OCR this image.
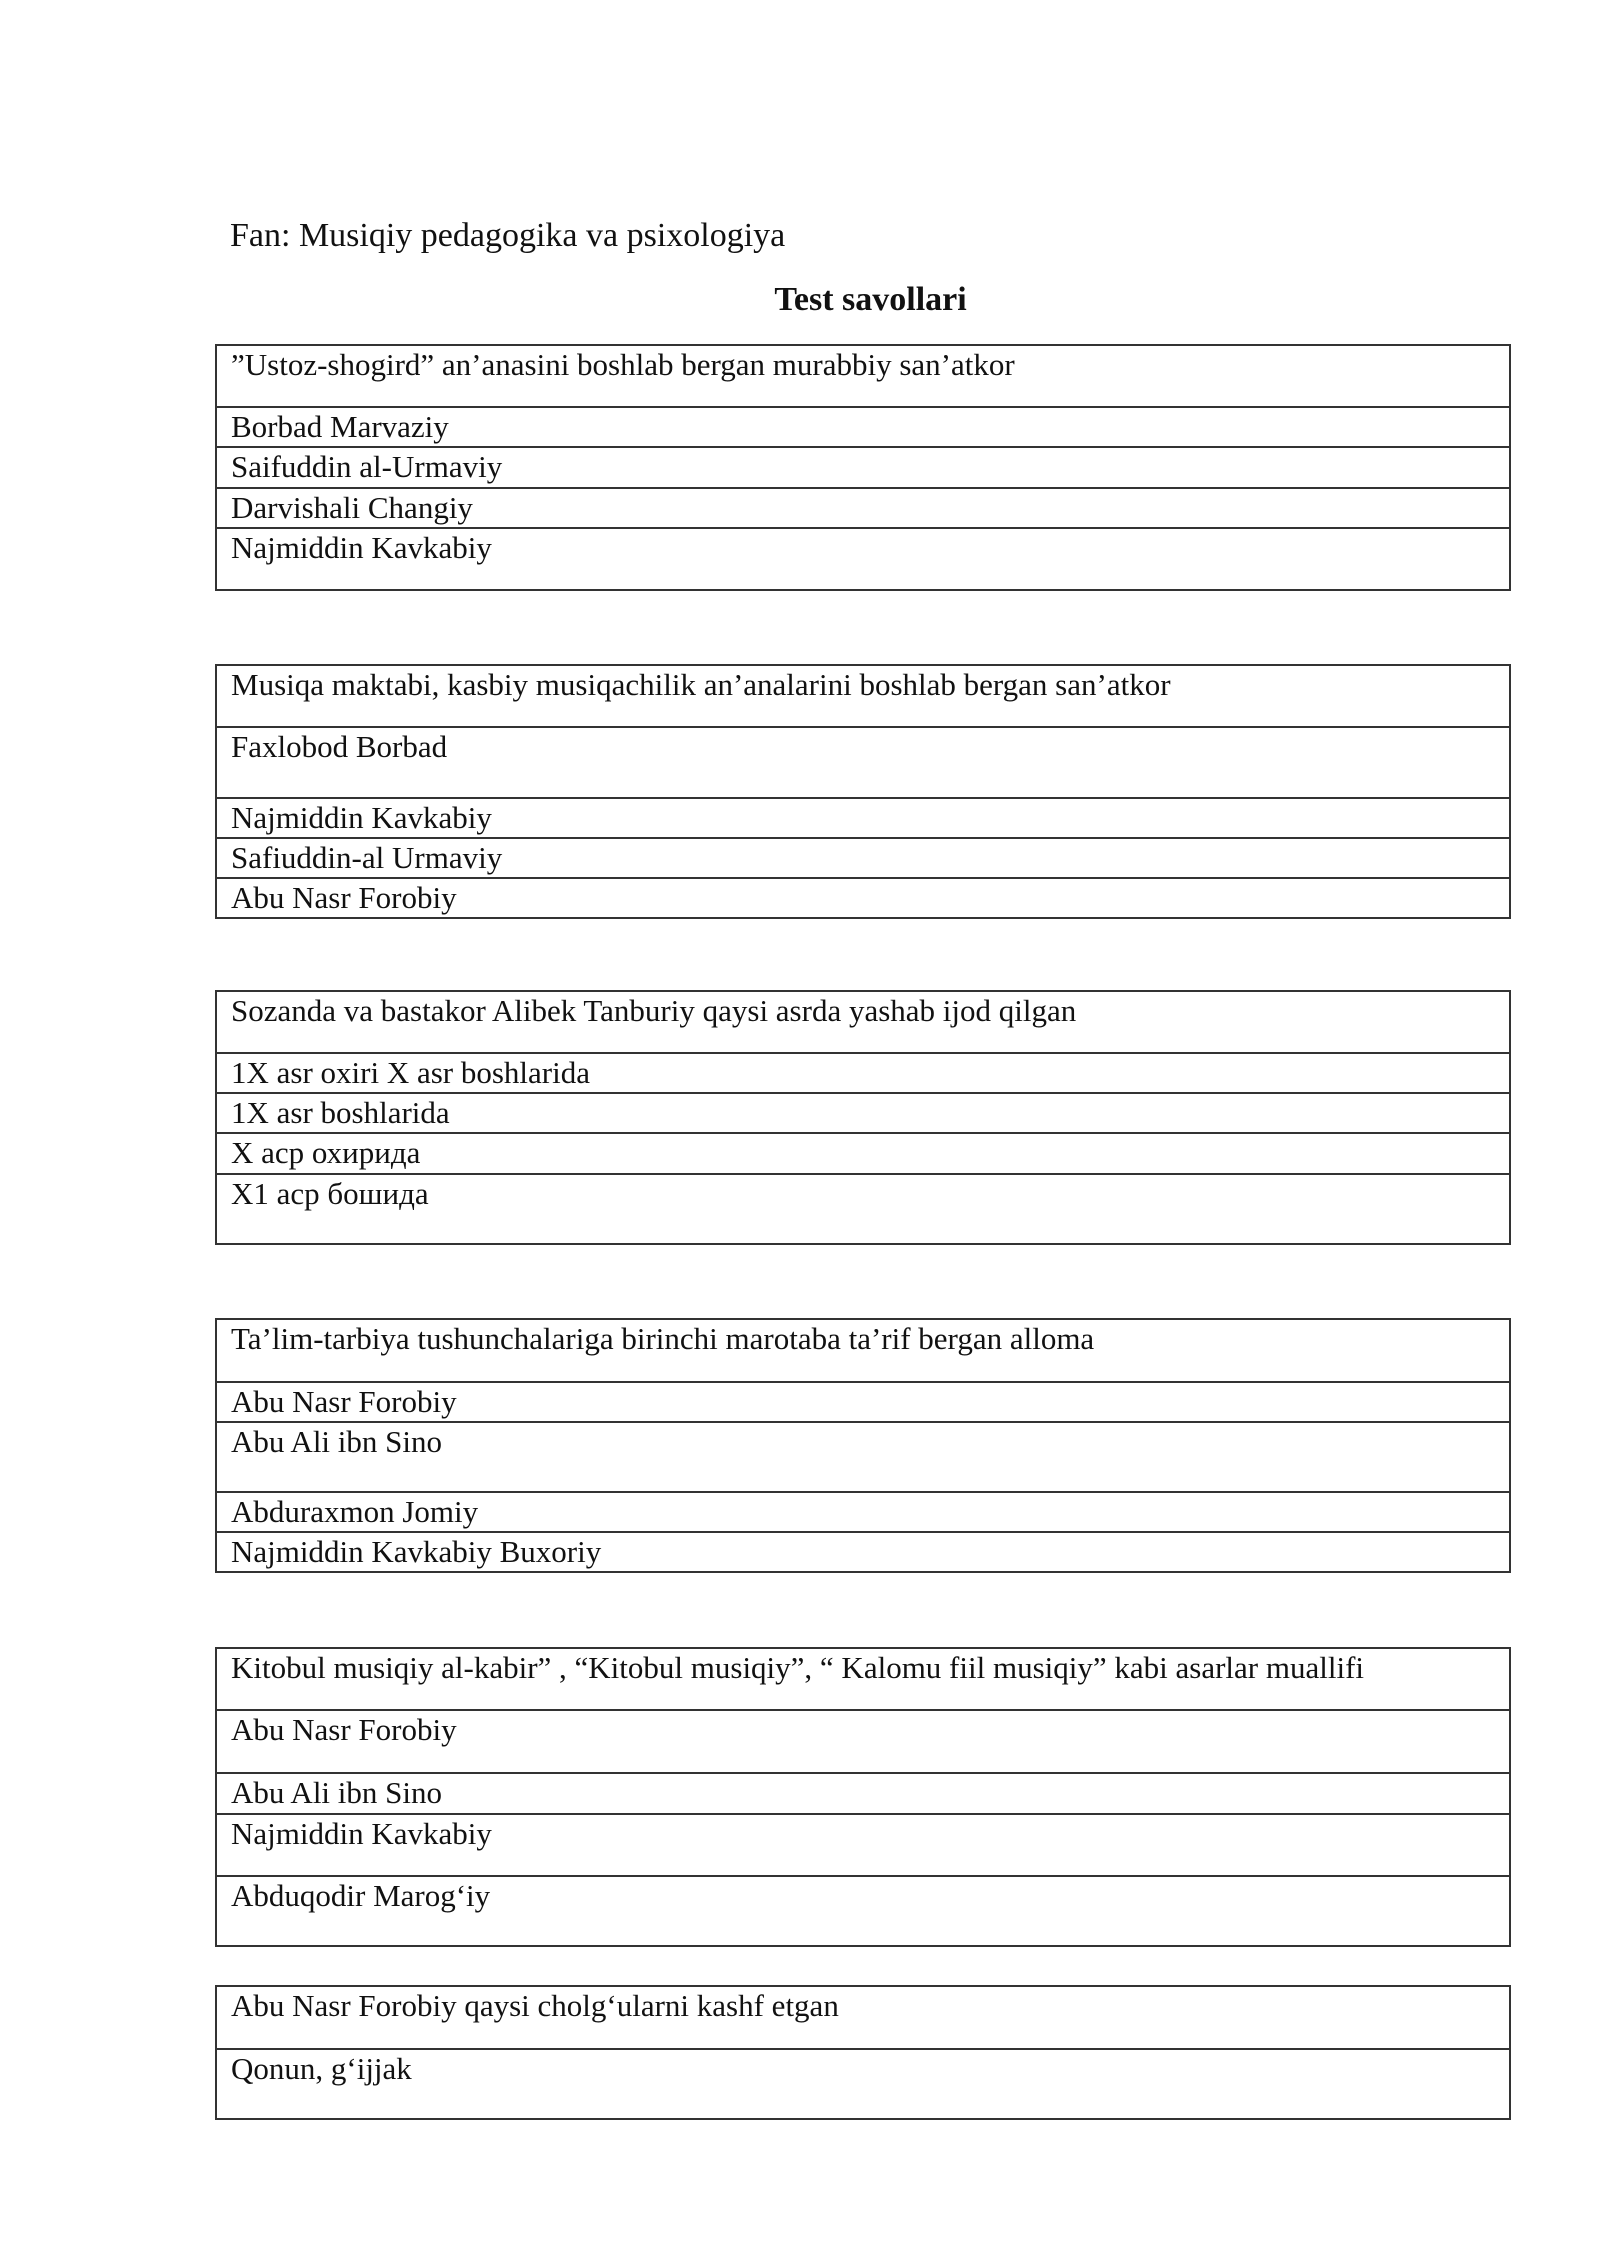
Fan: Musiqiy pedagogika va psixologiya
Test savollari
”Ustoz-shogird” an’anasini boshlab bergan murabbiy san’atkor
Borbad Marvaziy
Saifuddin al-Urmaviy
Darvishali Changiy
Najmiddin Kavkabiy
Musiqa maktabi, kasbiy musiqachilik an’analarini boshlab bergan san’atkor
Faxlobod Borbad
Najmiddin Kavkabiy
Safiuddin-al Urmaviy
Abu Nasr Forobiy
Sozanda va bastakor Alibek Tanburiy qaysi asrda yashab ijod qilgan
1X asr oxiri X asr boshlarida
1X asr boshlarida
X аср охирида
X1 аср бошида
Ta’lim-tarbiya tushunchalariga birinchi marotaba ta’rif bergan alloma
Abu Nasr Forobiy
Abu Ali ibn Sino
Abduraxmon Jomiy
Najmiddin Kavkabiy Buxoriy
Kitobul musiqiy al-kabir” , “Kitobul musiqiy”, “ Kalomu fiil musiqiy” kabi asarlar muallifi
Abu Nasr Forobiy
Abu Ali ibn Sino
Najmiddin Kavkabiy
Abduqodir Marog‘iy
Abu Nasr Forobiy qaysi cholg‘ularni kashf etgan
Qonun, g‘ijjak
